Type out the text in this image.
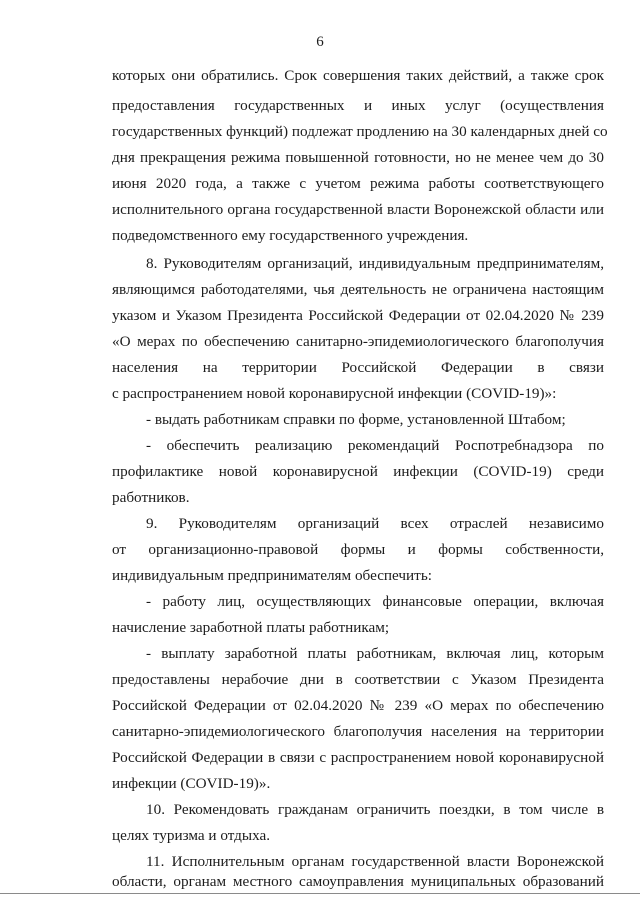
6
которых они обратились. Срок совершения таких действий, а также срок
предоставления государственных и иных услуг (осуществления
государственных функций) подлежат продлению на 30 календарных дней со
дня прекращения режима повышенной готовности, но не менее чем до 30
июня 2020 года, а также с учетом режима работы соответствующего
исполнительного органа государственной власти Воронежской области или
подведомственного ему государственного учреждения.
8. Руководителям организаций, индивидуальным предпринимателям,
являющимся работодателями, чья деятельность не ограничена настоящим
указом и Указом Президента Российской Федерации от 02.04.2020 № 239
«О мерах по обеспечению санитарно-эпидемиологического благополучия
населения на территории Российской Федерации в связи
с распространением новой коронавирусной инфекции (COVID-19)»:
- выдать работникам справки по форме, установленной Штабом;
- обеспечить реализацию рекомендаций Роспотребнадзора по
профилактике новой коронавирусной инфекции (COVID-19) среди
работников.
9. Руководителям организаций всех отраслей независимо
от организационно-правовой формы и формы собственности,
индивидуальным предпринимателям обеспечить:
- работу лиц, осуществляющих финансовые операции, включая
начисление заработной платы работникам;
- выплату заработной платы работникам, включая лиц, которым
предоставлены нерабочие дни в соответствии с Указом Президента
Российской Федерации от 02.04.2020 № 239 «О мерах по обеспечению
санитарно-эпидемиологического благополучия населения на территории
Российской Федерации в связи с распространением новой коронавирусной
инфекции (COVID-19)».
10. Рекомендовать гражданам ограничить поездки, в том числе в
целях туризма и отдыха.
11. Исполнительным органам государственной власти Воронежской
области, органам местного самоуправления муниципальных образований
